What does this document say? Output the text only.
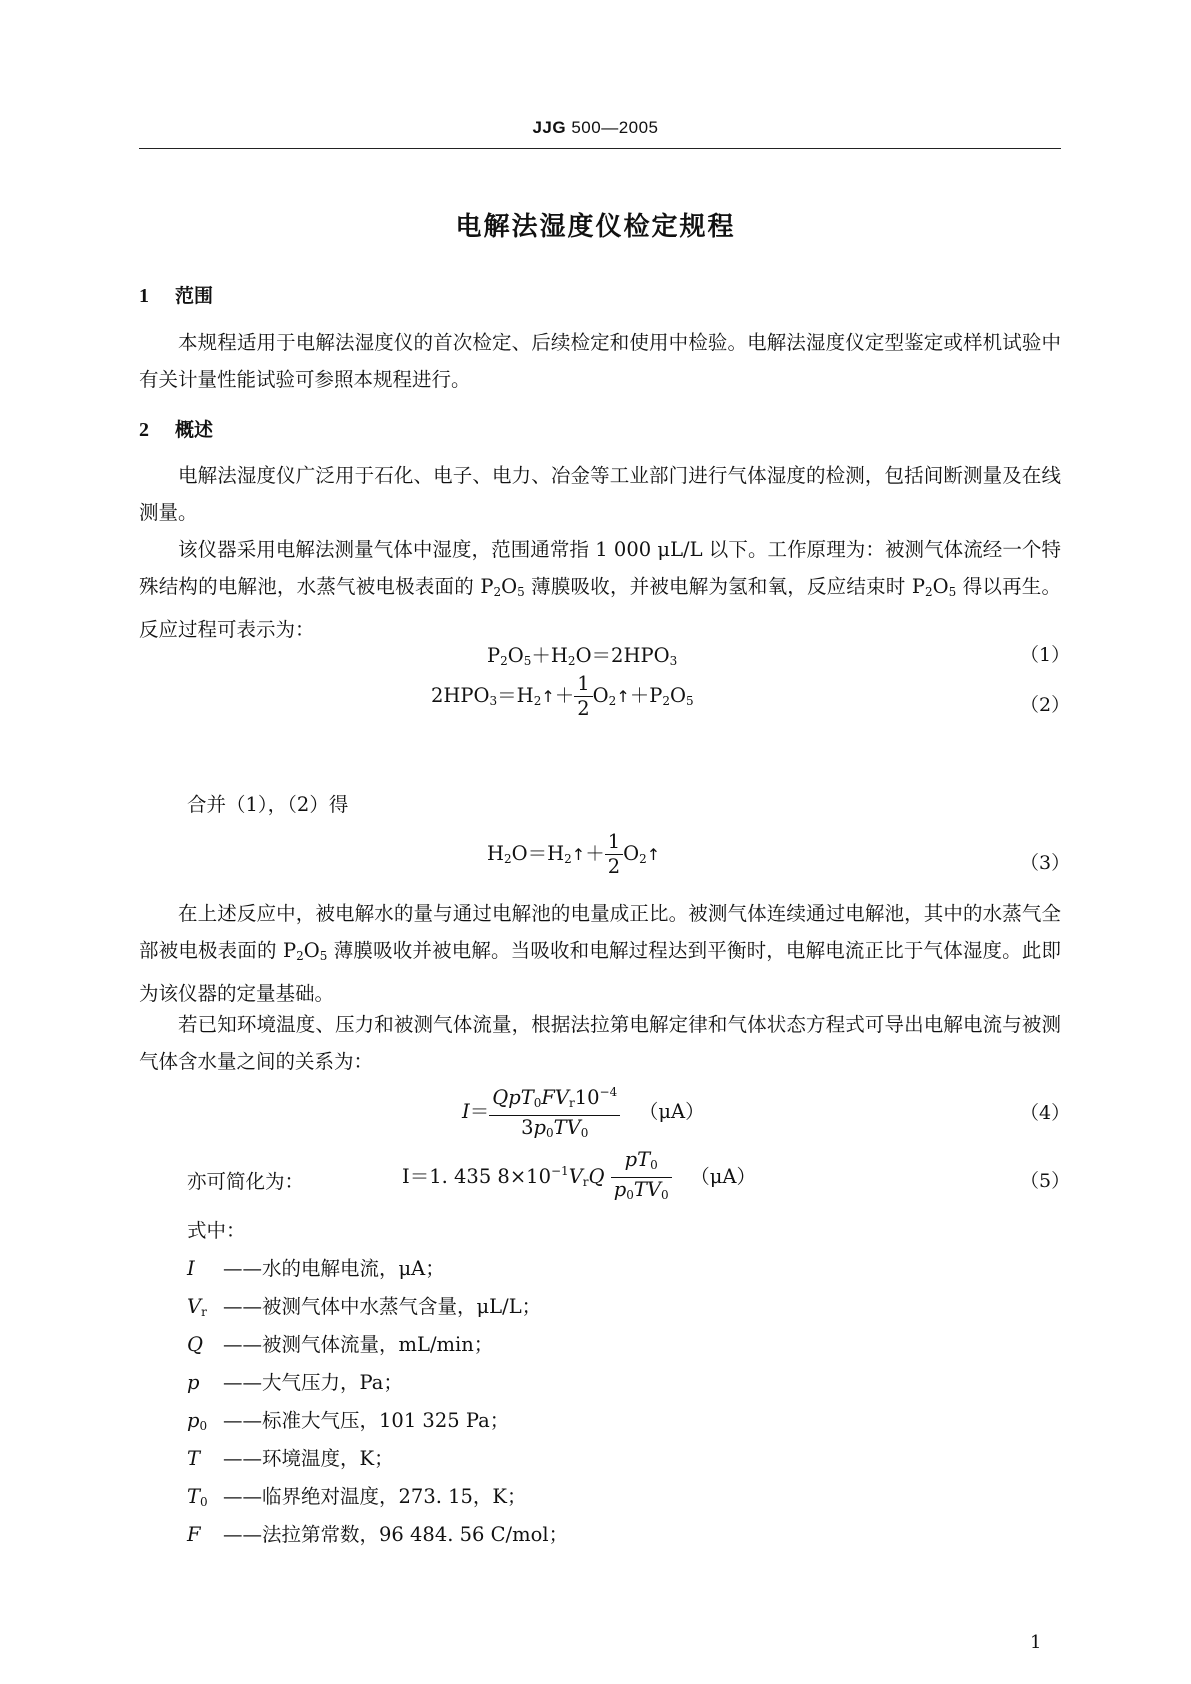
JJG 500—2005
电解法湿度仪检定规程
1 范围

本规程适用于电解法湿度仪的首次检定、后续检定和使用中检验。电解法湿度仪定型鉴定或样机试验中有关计量性能试验可参照本规程进行。

2 概述

电解法湿度仪广泛用于石化、电子、电力、冶金等工业部门进行气体湿度的检测，包括间断测量及在线测量。

该仪器采用电解法测量气体中湿度，范围通常指 1 000 μL/L 以下。工作原理为：被测气体流经一个特殊结构的电解池，水蒸气被电极表面的 $P_2O_5$ 薄膜吸收，并被电解为氢和氧，反应结束时 $P_2O_5$ 得以再生。反应过程可表示为：

$P_2O_5+H_2O=2HPO_3$	（1）
$2HPO_3=H_2↑+ \frac{1}{2}$ $O_2↑+P_2O_5$	（2）

合并（1），（2）得

$H_2O=H_2↑+ \frac{1}{2}$ $O_2↑$	（3）

在上述反应中，被电解水的量与通过电解池的电量成正比。被测气体连续通过电解池，其中的水蒸气全部被电极表面的 $P_2O_5$ 薄膜吸收并被电解。当吸收和电解过程达到平衡时，电解电流正比于气体湿度。此即为该仪器的定量基础。

若已知环境温度、压力和被测气体流量，根据法拉第电解定律和气体状态方程式可导出电解电流与被测气体含水量之间的关系为：

$I= \frac{QpT_0FV_r10^{-4}}{3p_0TV_0} (\mu A)$	（4）
亦可简化为：	I＝1. 435 $8\times 10^{-1}V_rQ \frac{pT_0}{p_0TV_0} (\mu A)$	（5）
式中：
I ——水的电解电流，μA；
$V_r$ ——被测气体中水蒸气含量，μL/L；
Q ——被测气体流量，mL/min；
p ——大气压力，Pa；
$p_0$ ——标准大气压，101 325 Pa；
T ——环境温度，K；
$T_0$ ——临界绝对温度，273. 15，K；
F ——法拉第常数，96 484. 56 C/mol；
1
